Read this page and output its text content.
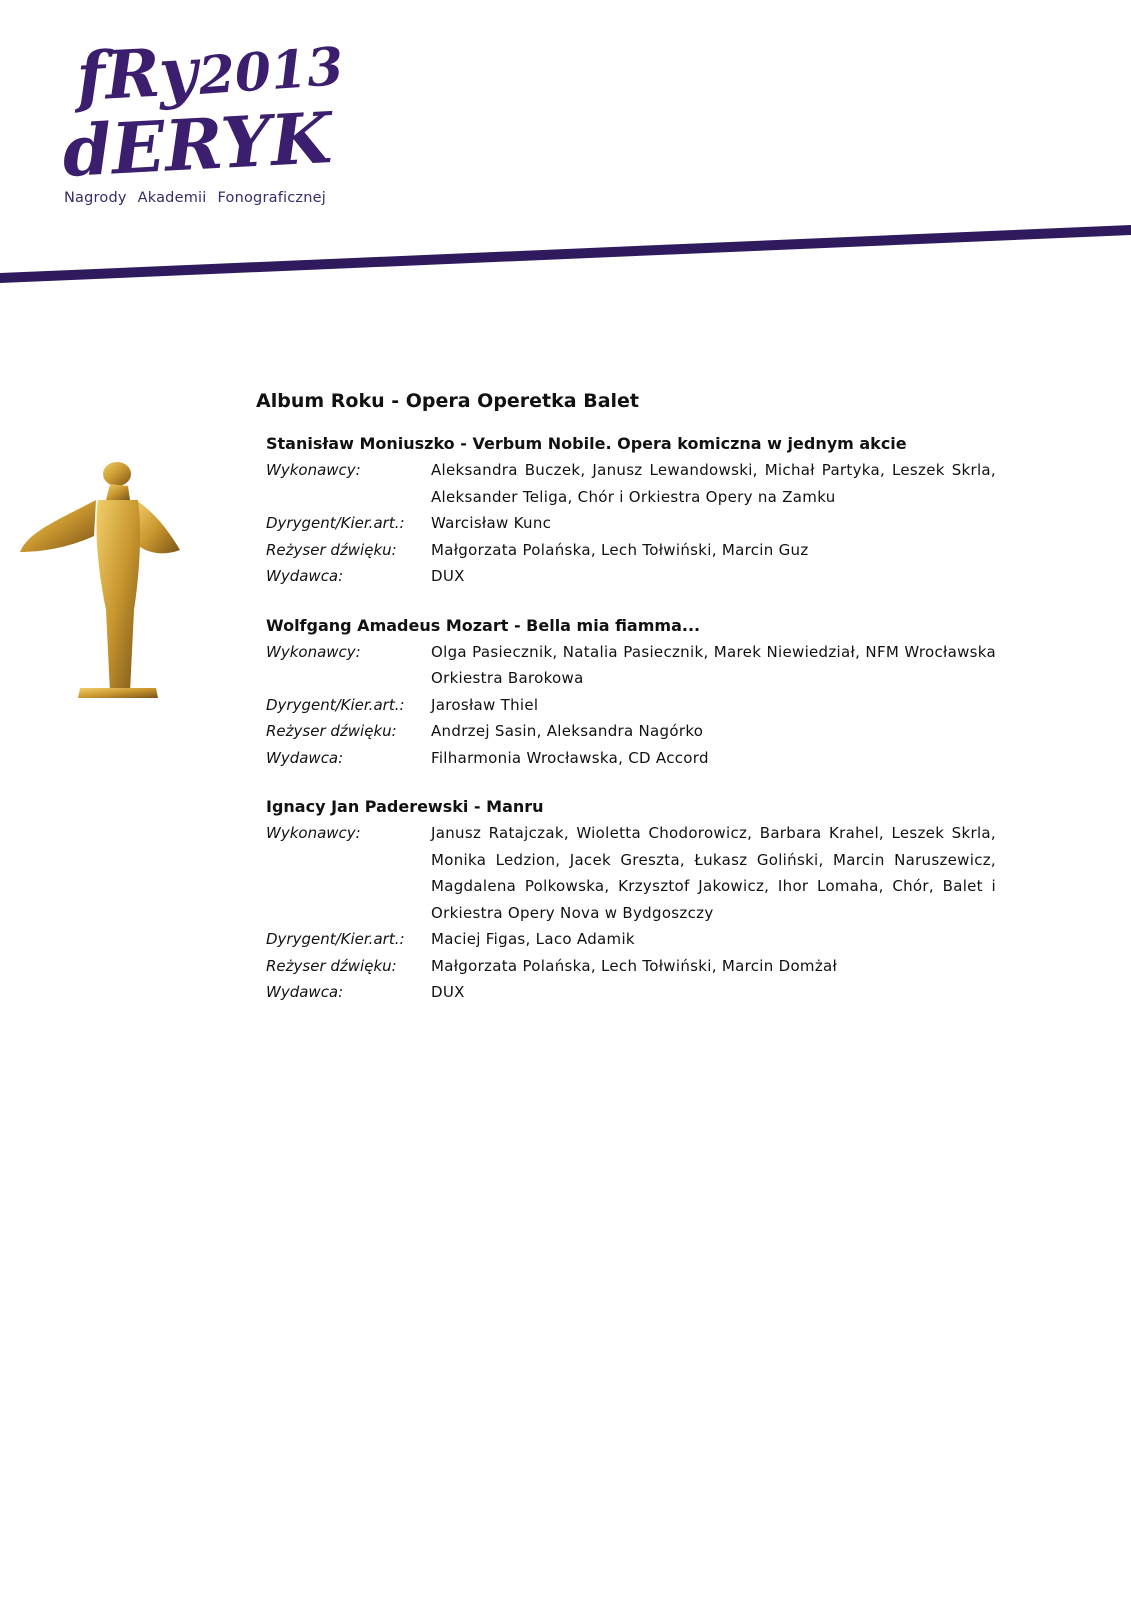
fRy
2013
dERYK
Nagrody Akademii Fonograficznej
Album Roku - Opera Operetka Balet
Stanisław Moniuszko - Verbum Nobile. Opera komiczna w jednym akcie
Wykonawcy:	Aleksandra Buczek, Janusz Lewandowski, Michał Partyka, Leszek Skrla, Aleksander Teliga, Chór i Orkiestra Opery na Zamku
Dyrygent/Kier.art.:	Warcisław Kunc
Reżyser dźwięku:	Małgorzata Polańska, Lech Tołwiński, Marcin Guz
Wydawca:	DUX
Wolfgang Amadeus Mozart - Bella mia fiamma...
Wykonawcy:	Olga Pasiecznik, Natalia Pasiecznik, Marek Niewiedział, NFM Wrocławska Orkiestra Barokowa
Dyrygent/Kier.art.:	Jarosław Thiel
Reżyser dźwięku:	Andrzej Sasin, Aleksandra Nagórko
Wydawca:	Filharmonia Wrocławska, CD Accord
Ignacy Jan Paderewski - Manru
Wykonawcy:	Janusz Ratajczak, Wioletta Chodorowicz, Barbara Krahel, Leszek Skrla, Monika Ledzion, Jacek Greszta, Łukasz Goliński, Marcin Naruszewicz, Magdalena Polkowska, Krzysztof Jakowicz, Ihor Lomaha, Chór, Balet i Orkiestra Opery Nova w Bydgoszczy
Dyrygent/Kier.art.:	Maciej Figas, Laco Adamik
Reżyser dźwięku:	Małgorzata Polańska, Lech Tołwiński, Marcin Domżał
Wydawca:	DUX
